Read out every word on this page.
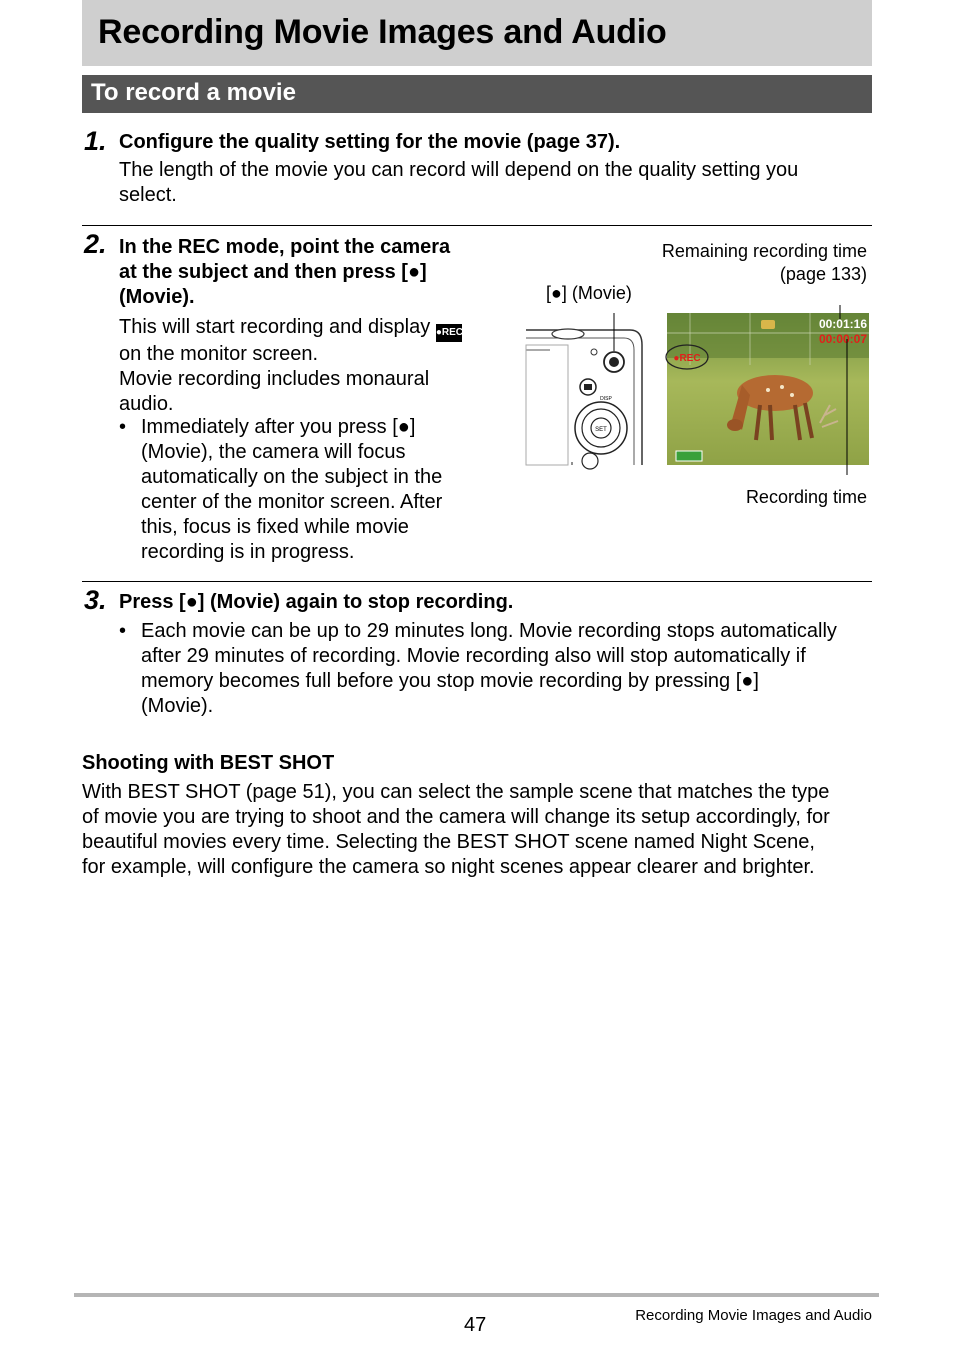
Recording Movie Images and Audio
To record a movie
1. Configure the quality setting for the movie (page 37).
The length of the movie you can record will depend on the quality setting you
select.
2. In the REC mode, point the camera
at the subject and then press [●]
(Movie).
This will start recording and display ●REC
on the monitor screen.
Movie recording includes monaural
audio.
• Immediately after you press [●]
(Movie), the camera will focus
automatically on the subject in the
center of the monitor screen. After
this, focus is fixed while movie
recording is in progress.
Remaining recording time
(page 133)
[●] (Movie)
Recording time
SET
DISP
00:01:16
00:00:07
●REC
3. Press [●] (Movie) again to stop recording.
• Each movie can be up to 29 minutes long. Movie recording stops automatically
after 29 minutes of recording. Movie recording also will stop automatically if
memory becomes full before you stop movie recording by pressing [●]
(Movie).
Shooting with BEST SHOT
With BEST SHOT (page 51), you can select the sample scene that matches the type
of movie you are trying to shoot and the camera will change its setup accordingly, for
beautiful movies every time. Selecting the BEST SHOT scene named Night Scene,
for example, will configure the camera so night scenes appear clearer and brighter.
47	Recording Movie Images and Audio
